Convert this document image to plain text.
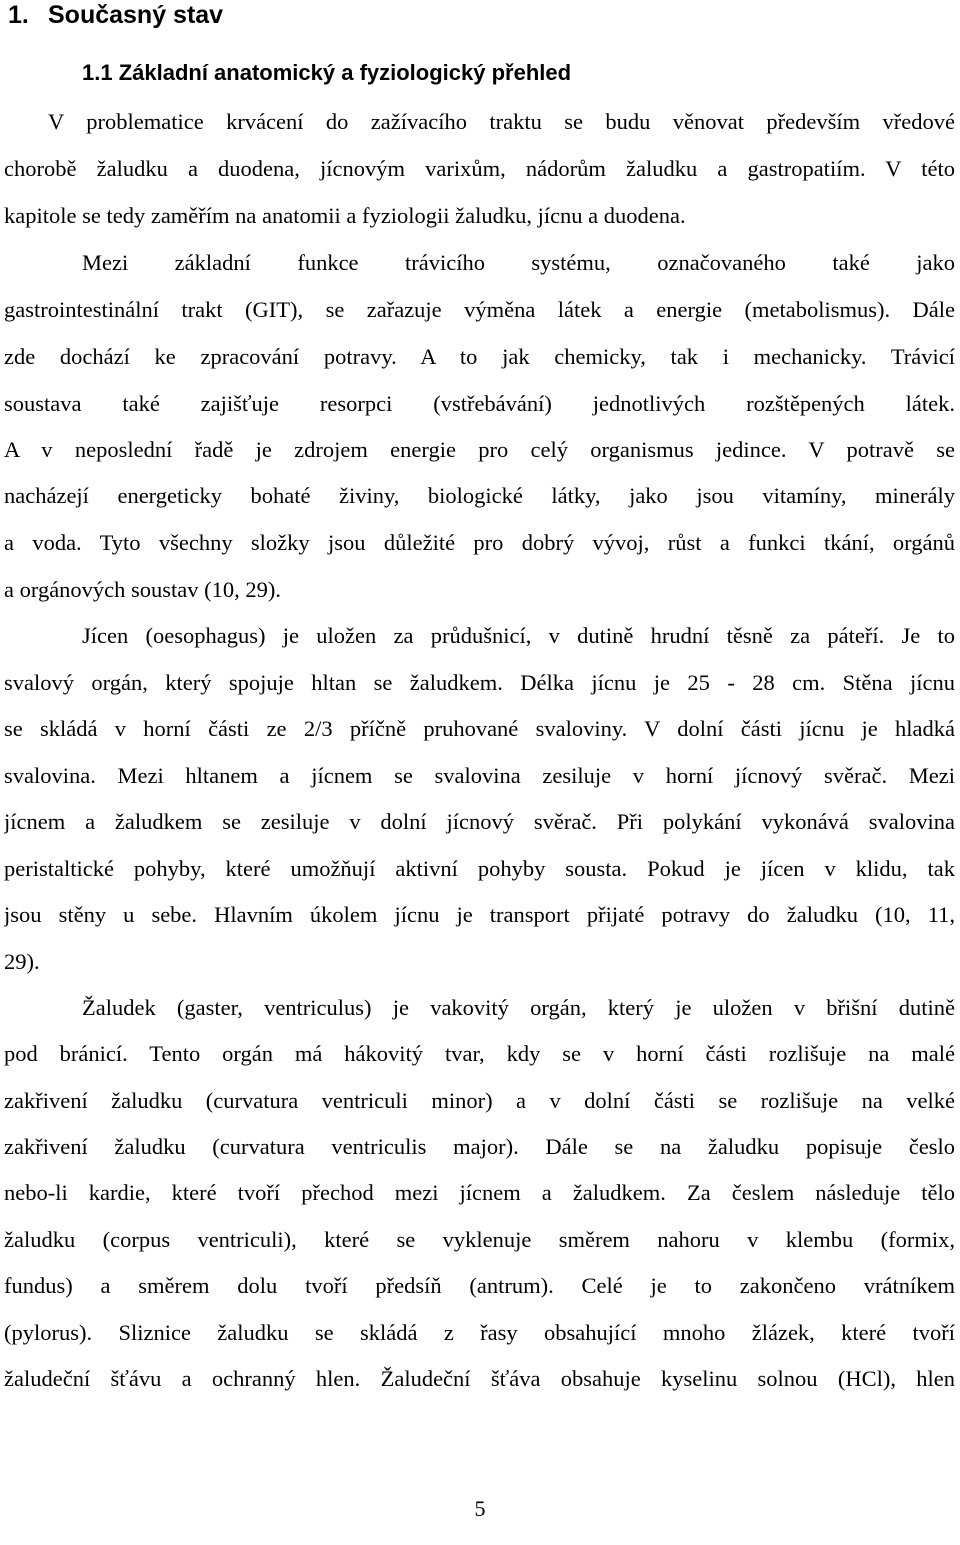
1. Současný stav
1.1 Základní anatomický a fyziologický přehled
V problematice krvácení do zažívacího traktu se budu věnovat především vředové
chorobě žaludku a duodena, jícnovým varixům, nádorům žaludku a gastropatiím. V této
kapitole se tedy zaměřím na anatomii a fyziologii žaludku, jícnu a duodena.
Mezi základní funkce trávicího systému, označovaného také jako
gastrointestinální trakt (GIT), se zařazuje výměna látek a energie (metabolismus). Dále
zde dochází ke zpracování potravy. A to jak chemicky, tak i mechanicky. Trávicí
soustava také zajišťuje resorpci (vstřebávání) jednotlivých rozštěpených látek.
A v neposlední řadě je zdrojem energie pro celý organismus jedince. V potravě se
nacházejí energeticky bohaté živiny, biologické látky, jako jsou vitamíny, minerály
a voda. Tyto všechny složky jsou důležité pro dobrý vývoj, růst a funkci tkání, orgánů
a orgánových soustav (10, 29).
Jícen (oesophagus) je uložen za průdušnicí, v dutině hrudní těsně za páteří. Je to
svalový orgán, který spojuje hltan se žaludkem. Délka jícnu je 25 - 28 cm. Stěna jícnu
se skládá v horní části ze 2/3 příčně pruhované svaloviny. V dolní části jícnu je hladká
svalovina. Mezi hltanem a jícnem se svalovina zesiluje v horní jícnový svěrač. Mezi
jícnem a žaludkem se zesiluje v dolní jícnový svěrač. Při polykání vykonává svalovina
peristaltické pohyby, které umožňují aktivní pohyby sousta. Pokud je jícen v klidu, tak
jsou stěny u sebe. Hlavním úkolem jícnu je transport přijaté potravy do žaludku (10, 11,
29).
Žaludek (gaster, ventriculus) je vakovitý orgán, který je uložen v břišní dutině
pod bránicí. Tento orgán má hákovitý tvar, kdy se v horní části rozlišuje na malé
zakřivení žaludku (curvatura ventriculi minor) a v dolní části se rozlišuje na velké
zakřivení žaludku (curvatura ventriculis major). Dále se na žaludku popisuje česlo
nebo-li kardie, které tvoří přechod mezi jícnem a žaludkem. Za česlem následuje tělo
žaludku (corpus ventriculi), které se vyklenuje směrem nahoru v klembu (formix,
fundus) a směrem dolu tvoří předsíň (antrum). Celé je to zakončeno vrátníkem
(pylorus). Sliznice žaludku se skládá z řasy obsahující mnoho žlázek, které tvoří
žaludeční šťávu a ochranný hlen. Žaludeční šťáva obsahuje kyselinu solnou (HCl), hlen
5
